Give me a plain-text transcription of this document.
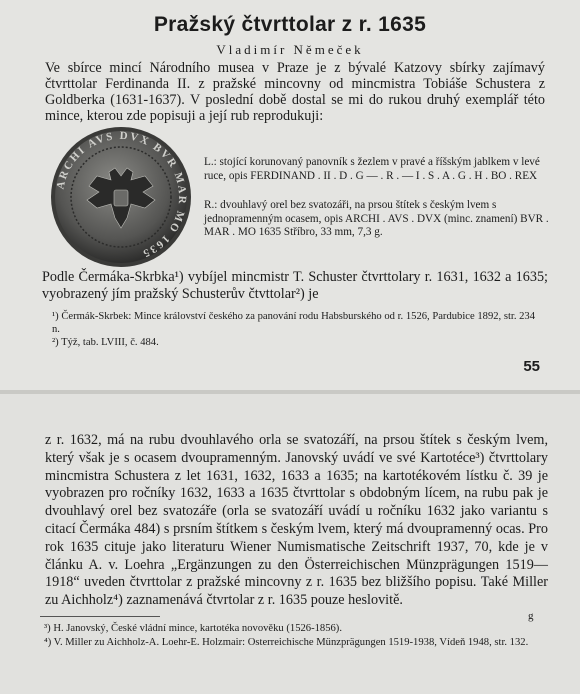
Pražský čtvrttolar z r. 1635
Vladimír Němeček

Ve sbírce mincí Národního musea v Praze je z bývalé Katzovy sbírky zajímavý čtvrttolar Ferdinanda II. z pražské mincovny od mincmistra Tobiáše Schustera z Goldberka (1631-1637). V poslední době dostal se mi do rukou druhý exemplář této mince, kterou zde popisuji a její rub reprodukuji:

ARCHI AVS DVX BVR MAR MO 1635

L.: stojící korunovaný panovník s žezlem v pravé a říšským jablkem v levé ruce, opis FERDINAND . II . D . G — . R . — I . S . A . G . H . BO . REX

R.: dvouhlavý orel bez svatozáři, na prsou štítek s českým lvem s jednopramenným ocasem, opis ARCHI . AVS . DVX (minc. znamení) BVR . MAR . MO 1635 Stříbro, 33 mm, 7,3 g.

Podle Čermáka-Skrbka¹) vybíjel mincmistr T. Schuster čtvrttolary r. 1631, 1632 a 1635; vyobrazený jím pražský Schusterův čtvttolar²) je

¹) Čermák-Skrbek: Mince království českého za panování rodu Habsburského od r. 1526, Pardubice 1892, str. 234 n.

²) Týž, tab. LVIII, č. 484.

55

z r. 1632, má na rubu dvouhlavého orla se svatozáří, na prsou štítek s českým lvem, který však je s ocasem dvoupramenným. Janovský uvádí ve své Kartotéce³) čtvrttolary mincmistra Schustera z let 1631, 1632, 1633 a 1635; na kartotékovém lístku č. 39 je vyobrazen pro ročníky 1632, 1633 a 1635 čtvrttolar s obdobným lícem, na rubu pak je dvouhlavý orel bez svatozáře (orla se svatozáří uvádí u ročníku 1632 jako variantu s citací Čermáka 484) s prsním štítkem s českým lvem, který má dvoupramenný ocas. Pro rok 1635 cituje jako literaturu Wiener Numismatische Zeitschrift 1937, 70, kde je v článku A. v. Loehra „Ergänzungen zu den Österreichischen Münzprägungen 1519—1918“ uveden čtvrttolar z pražské mincovny z r. 1635 bez bližšího popisu. Také Miller zu Aichholz⁴) zaznamenává čtvrtolar z r. 1635 pouze heslovitě.

g

³) H. Janovský, České vládní mince, kartotéka novověku (1526-1856).

⁴) V. Miller zu Aichholz-A. Loehr-E. Holzmair: Osterreichische Münzprägungen 1519-1938, Vídeň 1948, str. 132.
